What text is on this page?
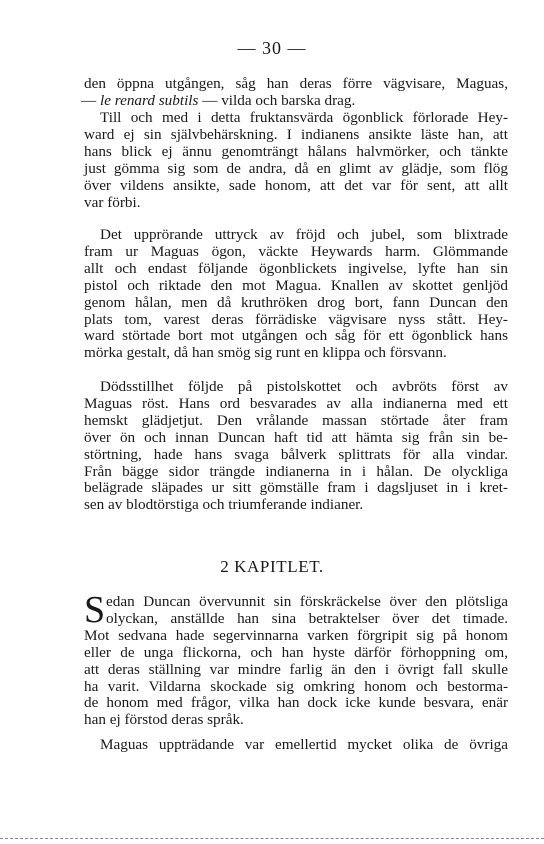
— 30 —
den öppna utgången, såg han deras förre vägvisare, Maguas,
— le renard subtils — vilda och barska drag.
Till och med i detta fruktansvärda ögonblick förlorade Hey-
ward ej sin självbehärskning. I indianens ansikte läste han, att
hans blick ej ännu genomträngt hålans halvmörker, och tänkte
just gömma sig som de andra, då en glimt av glädje, som flög
över vildens ansikte, sade honom, att det var för sent, att allt
var förbi.
Det upprörande uttryck av fröjd och jubel, som blixtrade
fram ur Maguas ögon, väckte Heywards harm. Glömmande
allt och endast följande ögonblickets ingivelse, lyfte han sin
pistol och riktade den mot Magua. Knallen av skottet genljöd
genom hålan, men då kruthröken drog bort, fann Duncan den
plats tom, varest deras förrädiske vägvisare nyss stått. Hey-
ward störtade bort mot utgången och såg för ett ögonblick hans
mörka gestalt, då han smög sig runt en klippa och försvann.
Dödsstillhet följde på pistolskottet och avbröts först av
Maguas röst. Hans ord besvarades av alla indianerna med ett
hemskt glädjetjut. Den vrålande massan störtade åter fram
över ön och innan Duncan haft tid att hämta sig från sin be-
störtning, hade hans svaga bålverk splittrats för alla vindar.
Från bägge sidor trängde indianerna in i hålan. De olyckliga
belägrade släpades ur sitt gömställe fram i dagsljuset in i kret-
sen av blodtörstiga och triumferande indianer.
2 KAPITLET.
S edan Duncan övervunnit sin förskräckelse över den plötsliga
olyckan, anställde han sina betraktelser över det timade.
Mot sedvana hade segervinnarna varken förgripit sig på honom
eller de unga flickorna, och han hyste därför förhoppning om,
att deras ställning var mindre farlig än den i övrigt fall skulle
ha varit. Vildarna skockade sig omkring honom och bestorma-
de honom med frågor, vilka han dock icke kunde besvara, enär
han ej förstod deras språk.
Maguas uppträdande var emellertid mycket olika de övriga
